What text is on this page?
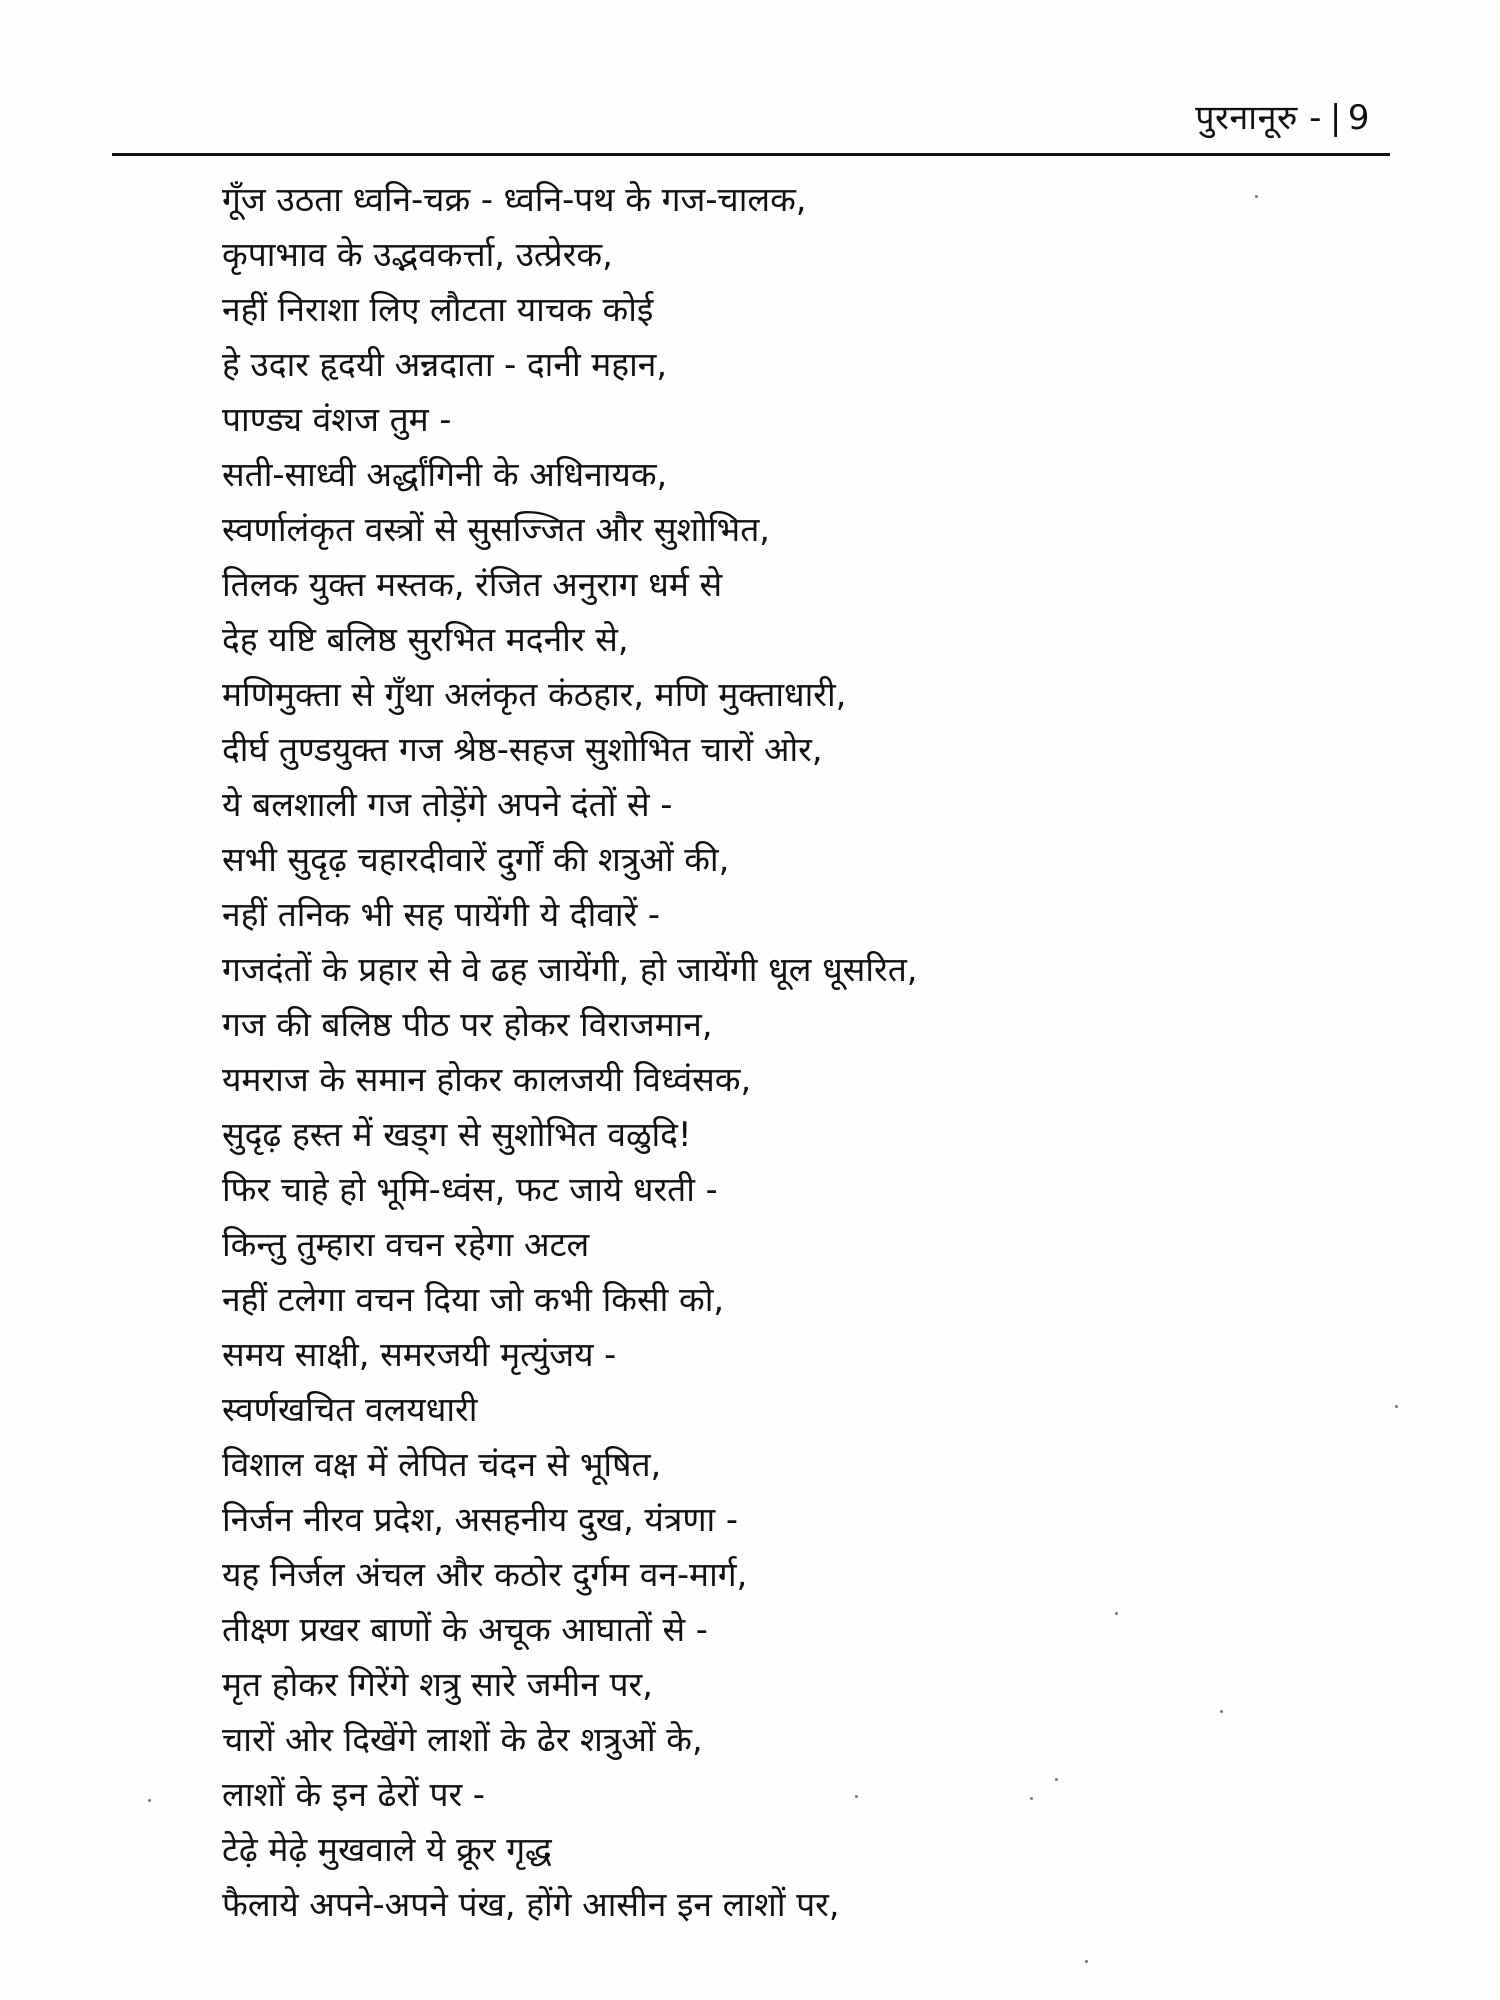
पुरनानूरु - | 9
गूँज उठता ध्वनि-चक्र - ध्वनि-पथ के गज-चालक,
कृपाभाव के उद्भवकर्त्ता, उत्प्रेरक,
नहीं निराशा लिए लौटता याचक कोई
हे उदार हृदयी अन्नदाता - दानी महान,
पाण्ड्य वंशज तुम -
सती-साध्वी अर्द्धांगिनी के अधिनायक,
स्वर्णालंकृत वस्त्रों से सुसज्जित और सुशोभित,
तिलक युक्त मस्तक, रंजित अनुराग धर्म से
देह यष्टि बलिष्ठ सुरभित मदनीर से,
मणिमुक्ता से गुँथा अलंकृत कंठहार, मणि मुक्ताधारी,
दीर्घ तुण्डयुक्त गज श्रेष्ठ-सहज सुशोभित चारों ओर,
ये बलशाली गज तोड़ेंगे अपने दंतों से -
सभी सुदृढ़ चहारदीवारें दुर्गों की शत्रुओं की,
नहीं तनिक भी सह पायेंगी ये दीवारें -
गजदंतों के प्रहार से वे ढह जायेंगी, हो जायेंगी धूल धूसरित,
गज की बलिष्ठ पीठ पर होकर विराजमान,
यमराज के समान होकर कालजयी विध्वंसक,
सुदृढ़ हस्त में खड्ग से सुशोभित वळुदि!
फिर चाहे हो भूमि-ध्वंस, फट जाये धरती -
किन्तु तुम्हारा वचन रहेगा अटल
नहीं टलेगा वचन दिया जो कभी किसी को,
समय साक्षी, समरजयी मृत्युंजय -
स्वर्णखचित वलयधारी
विशाल वक्ष में लेपित चंदन से भूषित,
निर्जन नीरव प्रदेश, असहनीय दुख, यंत्रणा -
यह निर्जल अंचल और कठोर दुर्गम वन-मार्ग,
तीक्ष्ण प्रखर बाणों के अचूक आघातों से -
मृत होकर गिरेंगे शत्रु सारे जमीन पर,
चारों ओर दिखेंगे लाशों के ढेर शत्रुओं के,
लाशों के इन ढेरों पर -
टेढ़े मेढ़े मुखवाले ये क्रूर गृद्ध
फैलाये अपने-अपने पंख, होंगे आसीन इन लाशों पर,
